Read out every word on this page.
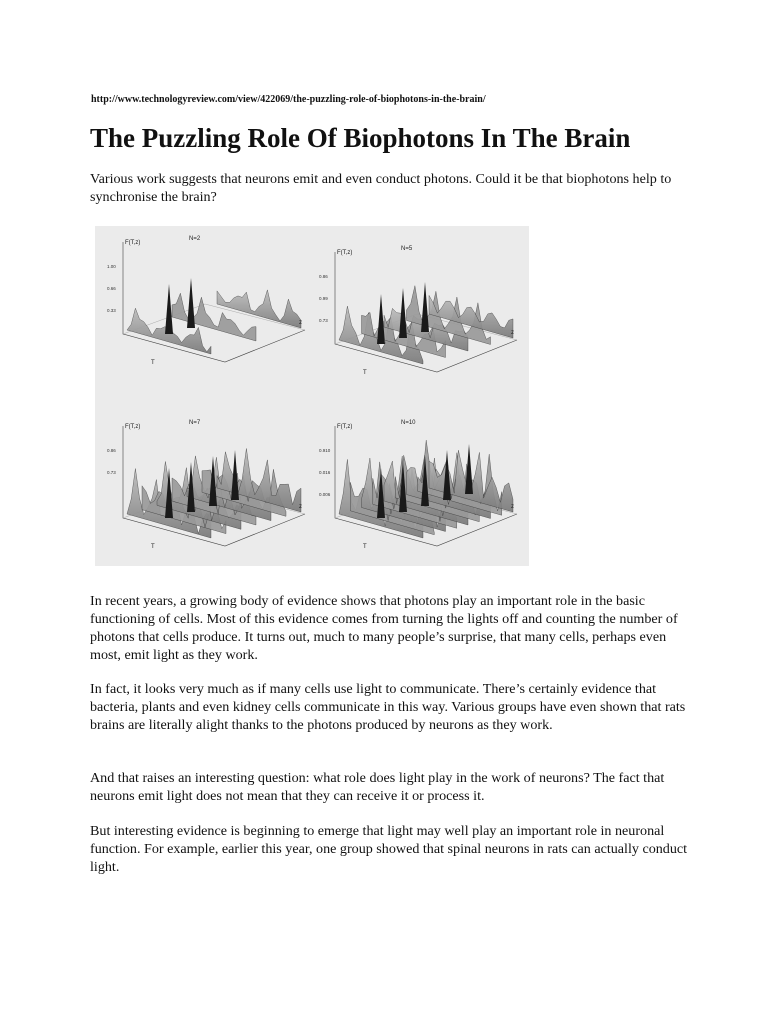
http://www.technologyreview.com/view/422069/the-puzzling-role-of-biophotons-in-the-brain/
The Puzzling Role Of Biophotons In The Brain

Various work suggests that neurons emit and even conduct photons. Could it be that biophotons help to synchronise the brain?

F(T,z)
N=2
z
T
1.00
0.66
0.33
F(T,z)
N=5
z
T
0.86
0.99
0.73
F(T,z)
N=7
z
T
0.86
0.73
F(T,z)
N=10
z
T
0.910
0.016
0.006

In recent years, a growing body of evidence shows that photons play an important role in the basic functioning of cells. Most of this evidence comes from turning the lights off and counting the number of photons that cells produce. It turns out, much to many people’s surprise, that many cells, perhaps even most, emit light as they work.

In fact, it looks very much as if many cells use light to communicate. There’s certainly evidence that bacteria, plants and even kidney cells communicate in this way. Various groups have even shown that rats brains are literally alight thanks to the photons produced by neurons as they work.

And that raises an interesting question: what role does light play in the work of neurons? The fact that neurons emit light does not mean that they can receive it or process it.

But interesting evidence is beginning to emerge that light may well play an important role in neuronal function. For example, earlier this year, one group showed that spinal neurons in rats can actually conduct light.
